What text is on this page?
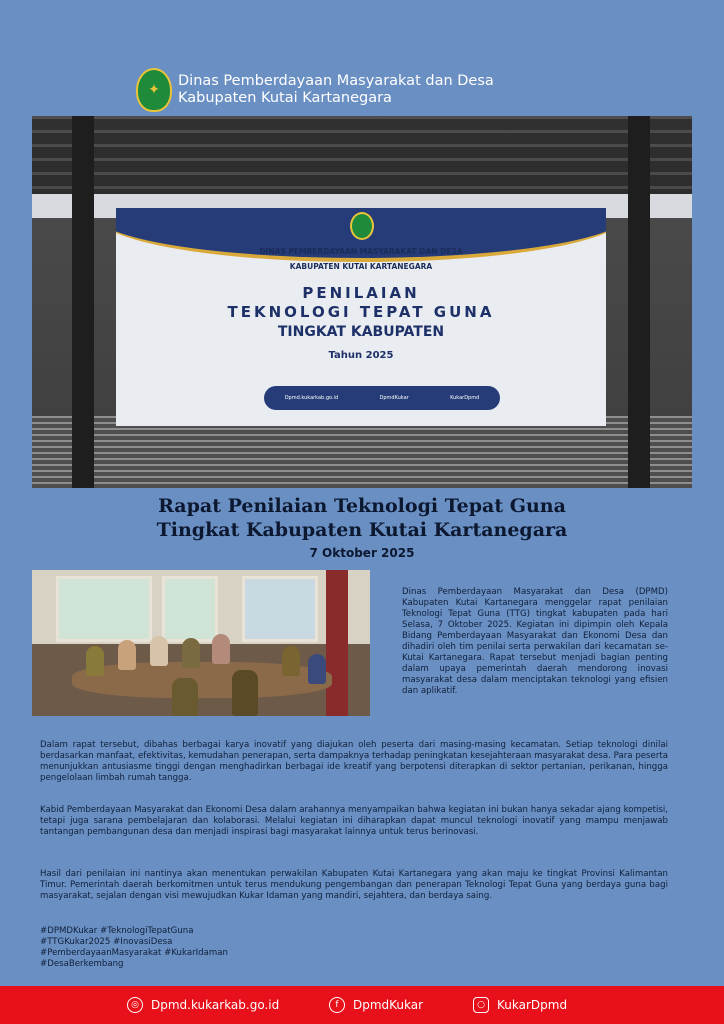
✦
Dinas Pemberdayaan Masyarakat dan Desa
Kabupaten Kutai Kartanegara
DINAS PEMBERDAYAAN MASYARAKAT DAN DESA
KABUPATEN KUTAI KARTANEGARA
PENILAIAN
TEKNOLOGI TEPAT GUNA
TINGKAT KABUPATEN
Tahun 2025
Dpmd.kukarkab.go.id	DpmdKukar	KukarDpmd
Rapat Penilaian Teknologi Tepat Guna
Tingkat Kabupaten Kutai Kartanegara
7 Oktober 2025
Dinas Pemberdayaan Masyarakat dan Desa (DPMD) Kabupaten Kutai Kartanegara menggelar rapat penilaian Teknologi Tepat Guna (TTG) tingkat kabupaten pada hari Selasa, 7 Oktober 2025. Kegiatan ini dipimpin oleh Kepala Bidang Pemberdayaan Masyarakat dan Ekonomi Desa dan dihadiri oleh tim penilai serta perwakilan dari kecamatan se-Kutai Kartanegara. Rapat tersebut menjadi bagian penting dalam upaya pemerintah daerah mendorong inovasi masyarakat desa dalam menciptakan teknologi yang efisien dan aplikatif.
Dalam rapat tersebut, dibahas berbagai karya inovatif yang diajukan oleh peserta dari masing-masing kecamatan. Setiap teknologi dinilai berdasarkan manfaat, efektivitas, kemudahan penerapan, serta dampaknya terhadap peningkatan kesejahteraan masyarakat desa. Para peserta menunjukkan antusiasme tinggi dengan menghadirkan berbagai ide kreatif yang berpotensi diterapkan di sektor pertanian, perikanan, hingga pengelolaan limbah rumah tangga.
Kabid Pemberdayaan Masyarakat dan Ekonomi Desa dalam arahannya menyampaikan bahwa kegiatan ini bukan hanya sekadar ajang kompetisi, tetapi juga sarana pembelajaran dan kolaborasi. Melalui kegiatan ini diharapkan dapat muncul teknologi inovatif yang mampu menjawab tantangan pembangunan desa dan menjadi inspirasi bagi masyarakat lainnya untuk terus berinovasi.
Hasil dari penilaian ini nantinya akan menentukan perwakilan Kabupaten Kutai Kartanegara yang akan maju ke tingkat Provinsi Kalimantan Timur. Pemerintah daerah berkomitmen untuk terus mendukung pengembangan dan penerapan Teknologi Tepat Guna yang berdaya guna bagi masyarakat, sejalan dengan visi mewujudkan Kukar Idaman yang mandiri, sejahtera, dan berdaya saing.
#DPMDKukar #TeknologiTepatGuna
#TTGKukar2025 #InovasiDesa
#PemberdayaanMasyarakat #KukarIdaman
#DesaBerkembang
◎	Dpmd.kukarkab.go.id	f	DpmdKukar	○	KukarDpmd
